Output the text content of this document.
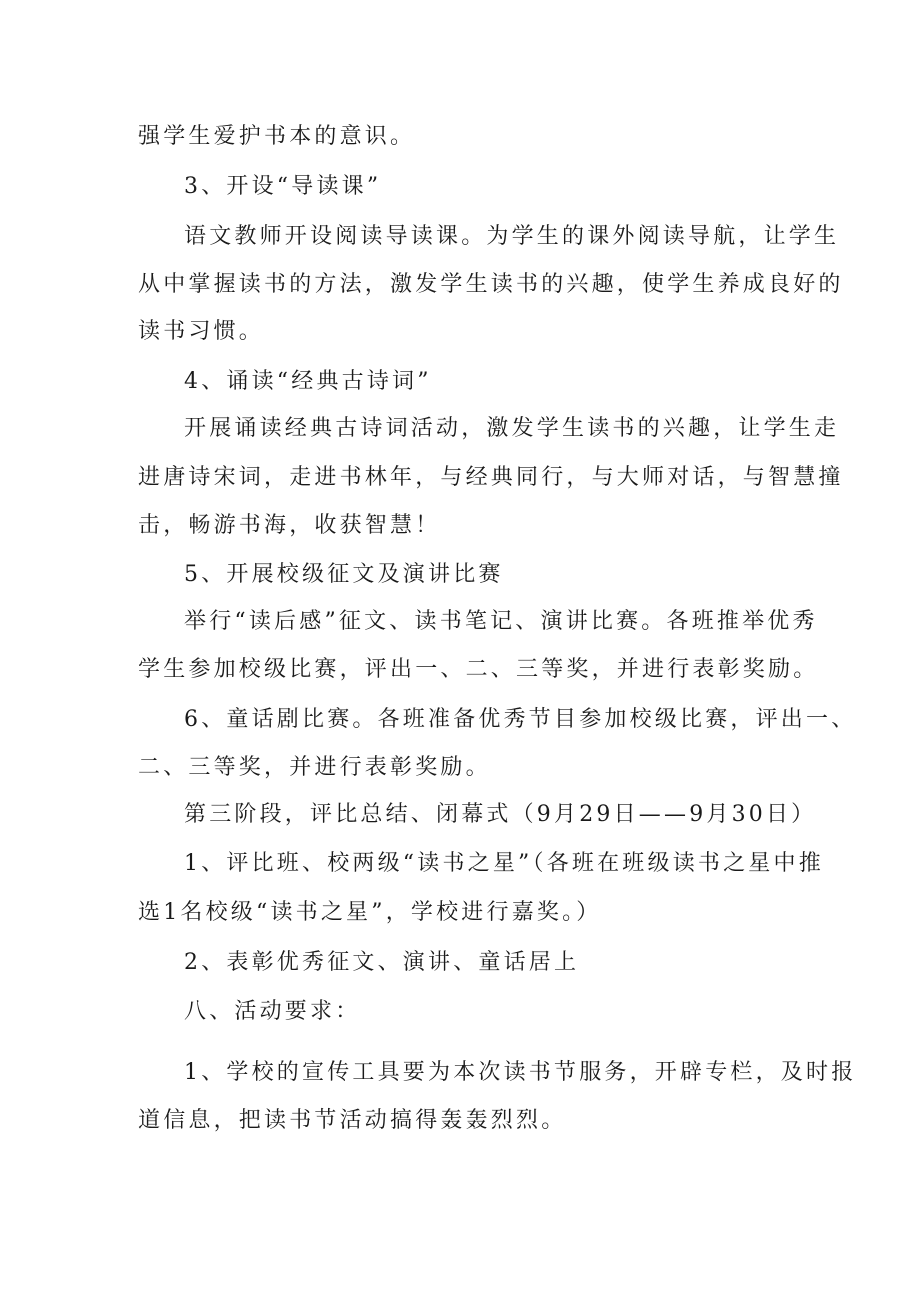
强学生爱护书本的意识。
3、开设“导读课”
语文教师开设阅读导读课。为学生的课外阅读导航，让学生
从中掌握读书的方法，激发学生读书的兴趣，使学生养成良好的
读书习惯。
4、诵读“经典古诗词”
开展诵读经典古诗词活动，激发学生读书的兴趣，让学生走
进唐诗宋词，走进书林年，与经典同行，与大师对话，与智慧撞
击，畅游书海，收获智慧！
5、开展校级征文及演讲比赛
举行“读后感”征文、读书笔记、演讲比赛。各班推举优秀
学生参加校级比赛，评出一、二、三等奖，并进行表彰奖励。
6、童话剧比赛。各班准备优秀节目参加校级比赛，评出一、
二、三等奖，并进行表彰奖励。
第三阶段，评比总结、闭幕式（9月29日——9月30日）
1、评比班、校两级“读书之星”（各班在班级读书之星中推
选1名校级“读书之星”，学校进行嘉奖。）
2、表彰优秀征文、演讲、童话居上
八、活动要求：
1、学校的宣传工具要为本次读书节服务，开辟专栏，及时报
道信息，把读书节活动搞得轰轰烈烈。
